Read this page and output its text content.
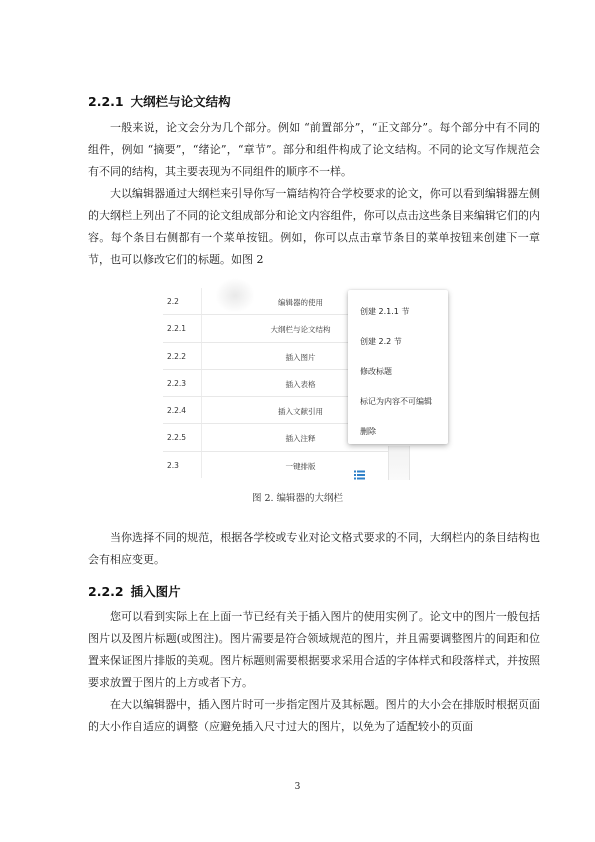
2.2.1 大纲栏与论文结构

一般来说，论文会分为几个部分。例如 “前置部分”，“正文部分”。每个部分中有不同的组件，例如 “摘要”，“绪论”，“章节”。部分和组件构成了论文结构。不同的论文写作规范会有不同的结构，其主要表现为不同组件的顺序不一样。

大以编辑器通过大纲栏来引导你写一篇结构符合学校要求的论文，你可以看到编辑器左侧的大纲栏上列出了不同的论文组成部分和论文内容组件，你可以点击这些条目来编辑它们的内容。每个条目右侧都有一个菜单按钮。例如，你可以点击章节条目的菜单按钮来创建下一章节，也可以修改它们的标题。如图 2

2.2	编辑器的使用
2.2.1	大纲栏与论文结构
2.2.2	插入图片
2.2.3	插入表格
2.2.4	插入文献引用
2.2.5	插入注释
2.3	一键排版
创建 2.1.1 节
创建 2.2 节
修改标题
标记为内容不可编辑
删除
图 2. 编辑器的大纲栏

当你选择不同的规范，根据各学校或专业对论文格式要求的不同，大纲栏内的条目结构也会有相应变更。

2.2.2 插入图片

您可以看到实际上在上面一节已经有关于插入图片的使用实例了。论文中的图片一般包括图片以及图片标题(或图注)。图片需要是符合领域规范的图片，并且需要调整图片的间距和位置来保证图片排版的美观。图片标题则需要根据要求采用合适的字体样式和段落样式，并按照要求放置于图片的上方或者下方。

在大以编辑器中，插入图片时可一步指定图片及其标题。图片的大小会在排版时根据页面的大小作自适应的调整（应避免插入尺寸过大的图片，以免为了适配较小的页面

3
